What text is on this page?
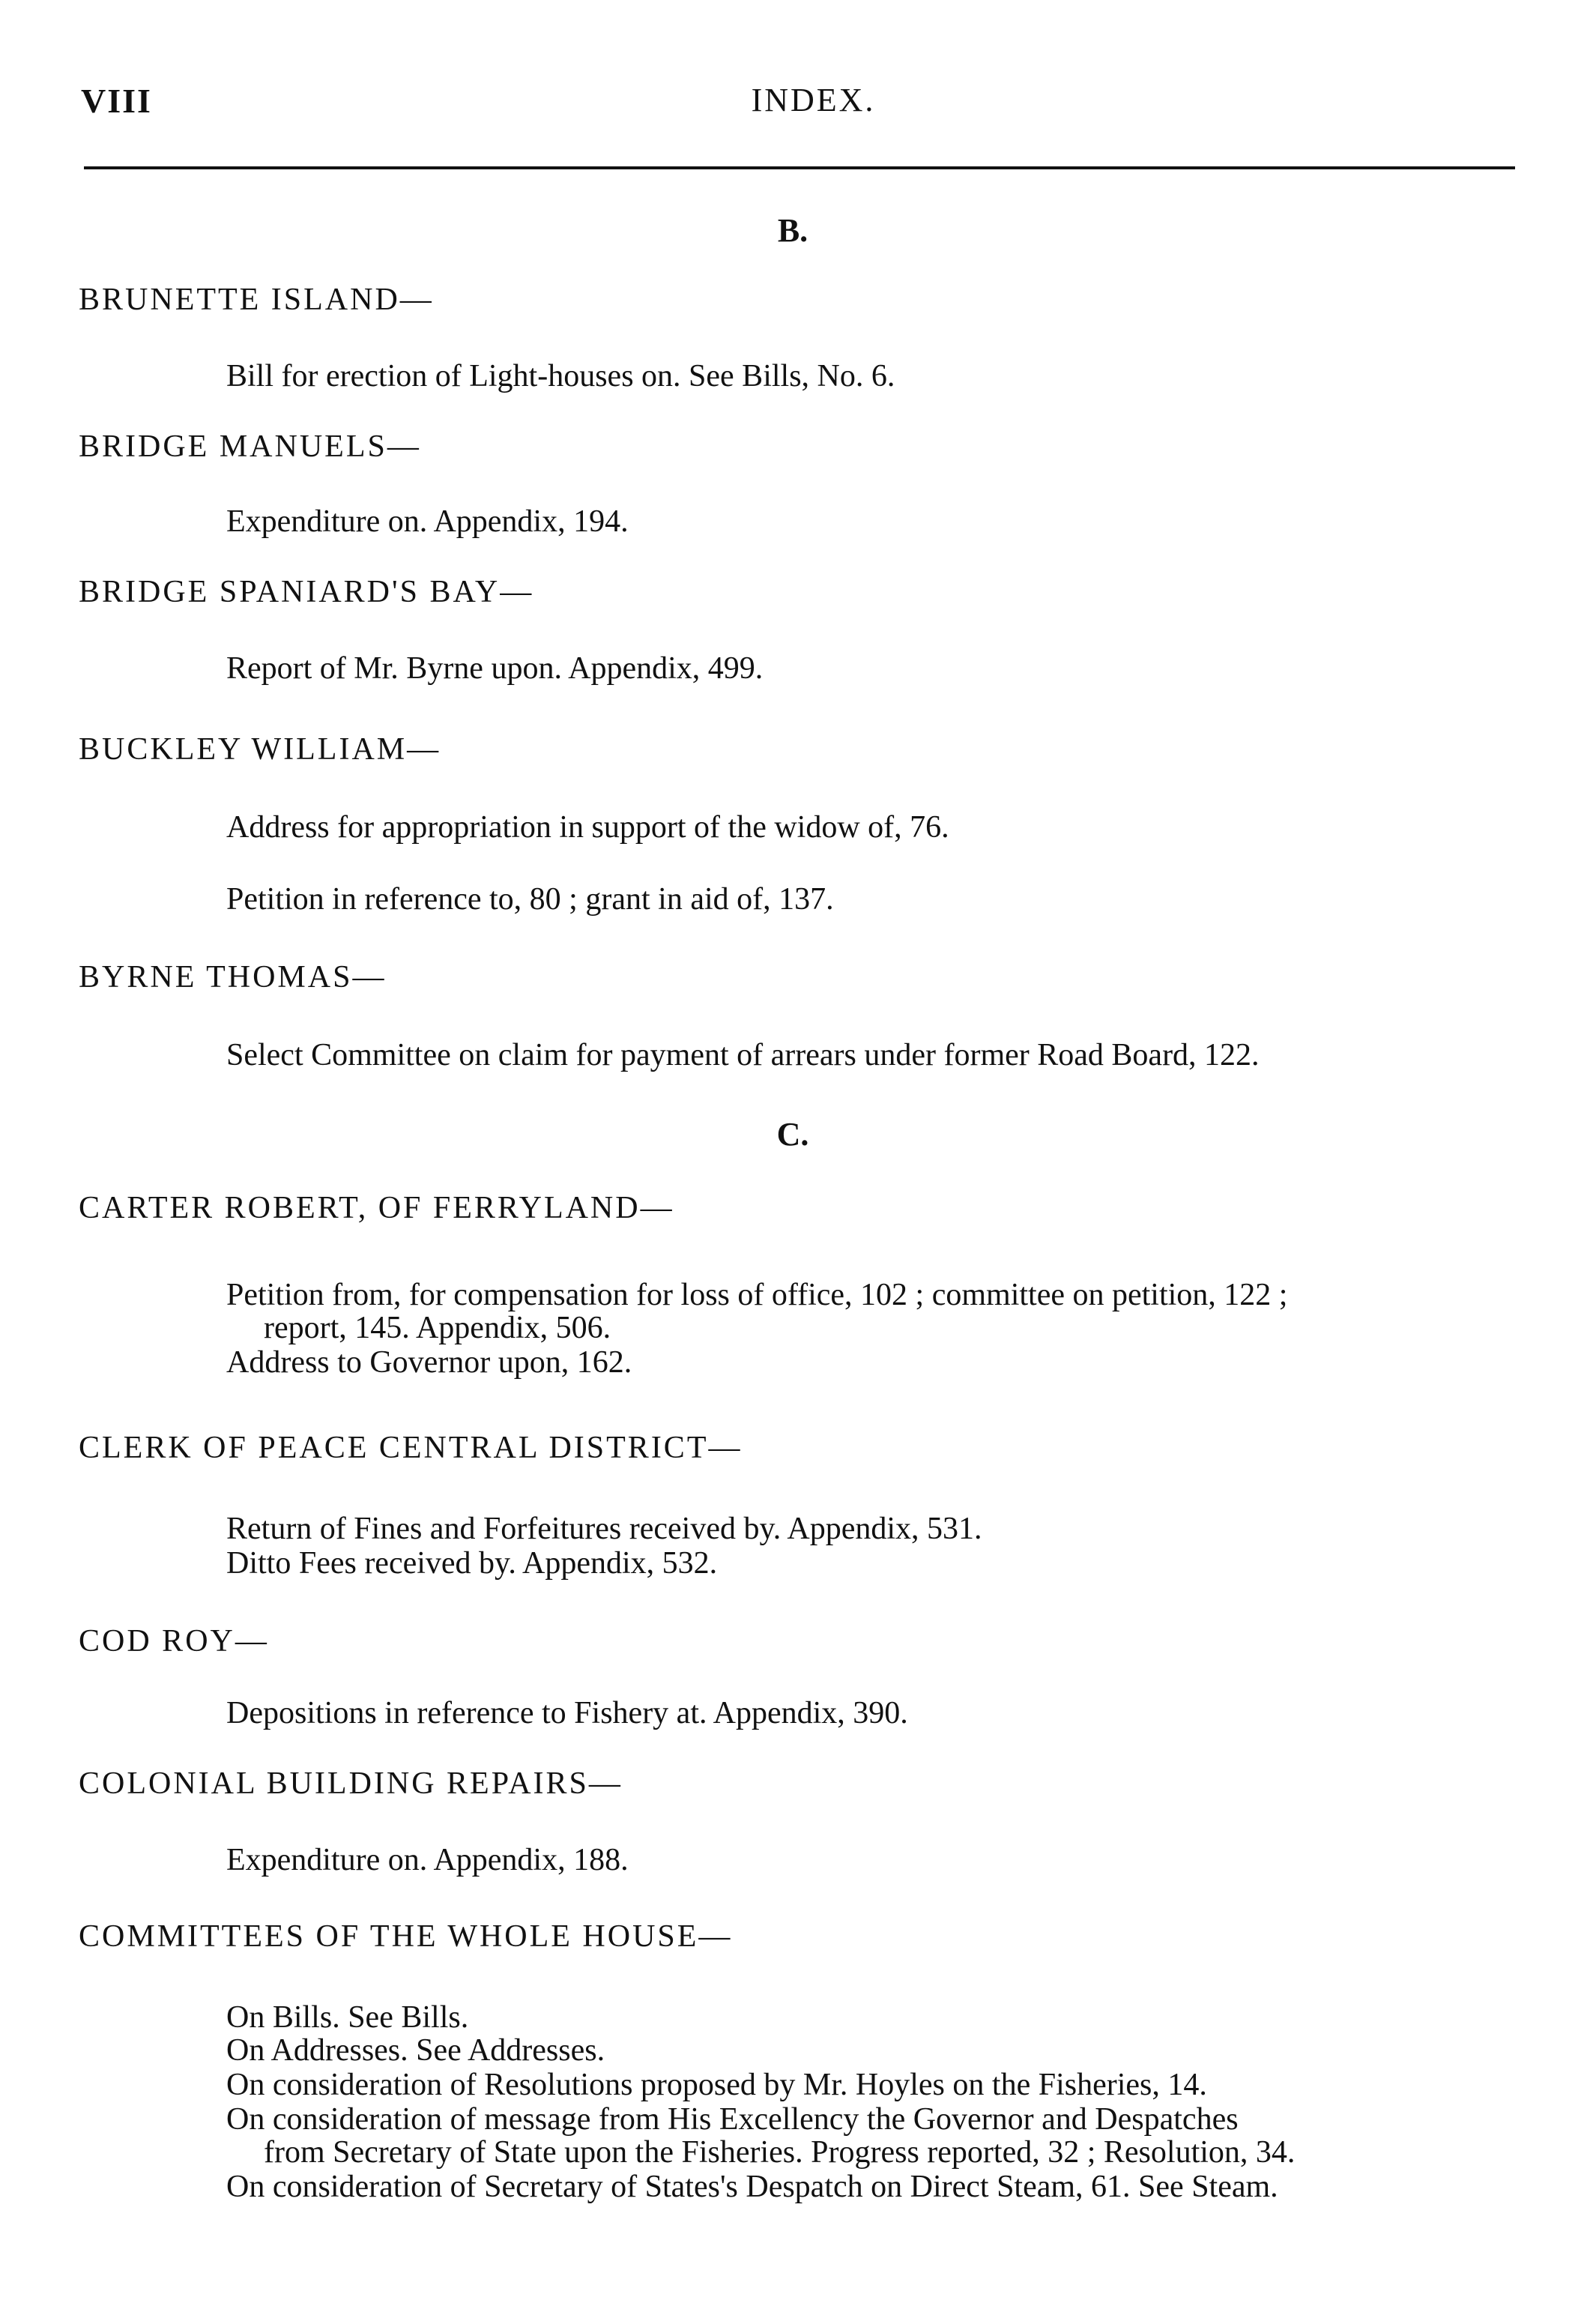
VIII	INDEX.
B.
BRUNETTE ISLAND—
Bill for erection of Light-houses on. See Bills, No. 6.
BRIDGE MANUELS—
Expenditure on. Appendix, 194.
BRIDGE SPANIARD'S BAY—
Report of Mr. Byrne upon. Appendix, 499.
BUCKLEY WILLIAM—
Address for appropriation in support of the widow of, 76.
Petition in reference to, 80 ; grant in aid of, 137.
BYRNE THOMAS—
Select Committee on claim for payment of arrears under former Road Board, 122.
C.
CARTER ROBERT, OF FERRYLAND—
Petition from, for compensation for loss of office, 102 ; committee on petition, 122 ;
report, 145. Appendix, 506.
Address to Governor upon, 162.
CLERK OF PEACE CENTRAL DISTRICT—
Return of Fines and Forfeitures received by. Appendix, 531.
Ditto Fees received by. Appendix, 532.
COD ROY—
Depositions in reference to Fishery at. Appendix, 390.
COLONIAL BUILDING REPAIRS—
Expenditure on. Appendix, 188.
COMMITTEES OF THE WHOLE HOUSE—
On Bills. See Bills.
On Addresses. See Addresses.
On consideration of Resolutions proposed by Mr. Hoyles on the Fisheries, 14.
On consideration of message from His Excellency the Governor and Despatches
from Secretary of State upon the Fisheries. Progress reported, 32 ; Resolution, 34.
On consideration of Secretary of States's Despatch on Direct Steam, 61. See Steam.
